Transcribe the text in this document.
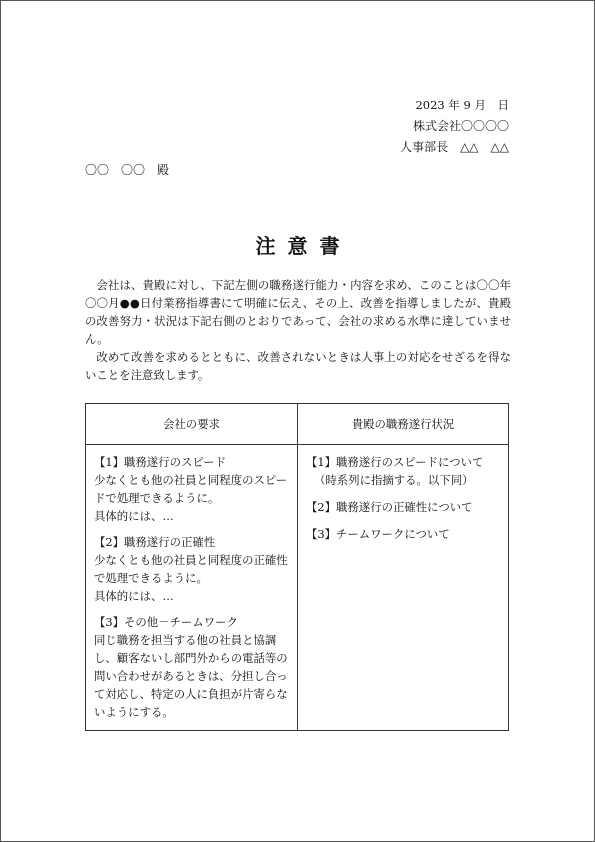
2023 年 9 月　日
株式会社〇〇〇〇
人事部長　△△　△△
〇〇　〇〇　殿
注意書

会社は、貴殿に対し、下記左側の職務遂行能力・内容を求め、このことは〇〇年〇〇月●●日付業務指導書にて明確に伝え、その上、改善を指導しましたが、貴殿の改善努力・状況は下記右側のとおりであって、会社の求める水準に達していません。

改めて改善を求めるとともに、改善されないときは人事上の対応をせざるを得ないことを注意致します。

会社の要求	貴殿の職務遂行状況
【1】職務遂行のスピード
少なくとも他の社員と同程度のスピードで処理できるように。
具体的には、…
【2】職務遂行の正確性
少なくとも他の社員と同程度の正確性で処理できるように。
具体的には、…
【3】その他－チームワーク
同じ職務を担当する他の社員と協調し、顧客ないし部門外からの電話等の問い合わせがあるときは、分担し合って対応し、特定の人に負担が片寄らないようにする。
【1】職務遂行のスピードについて
（時系列に指摘する。以下同）
【2】職務遂行の正確性について
【3】チームワークについて
